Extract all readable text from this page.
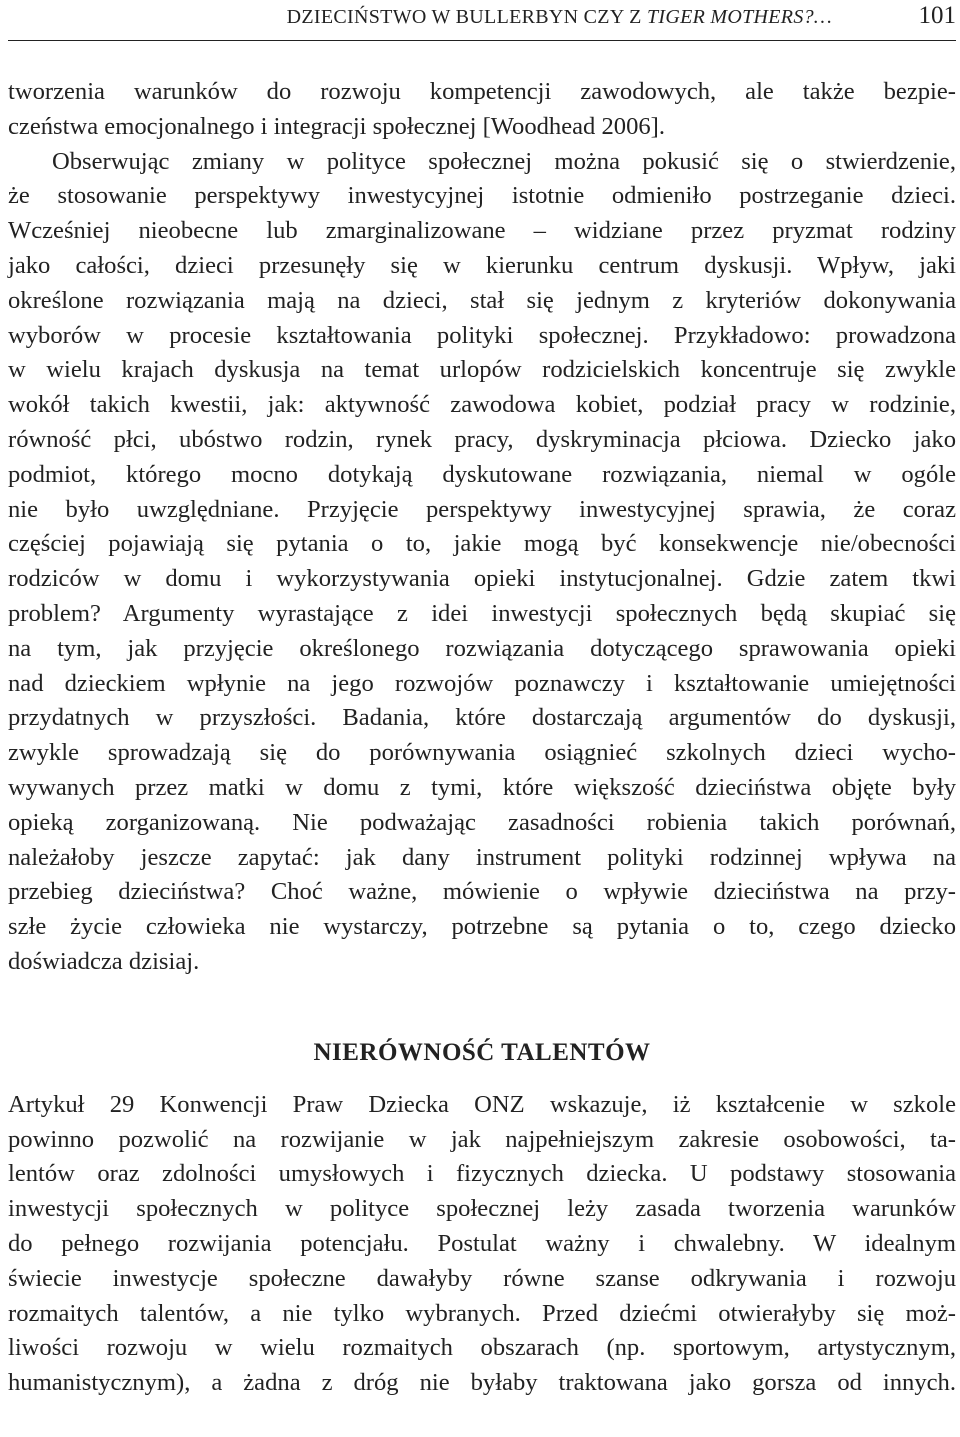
DZIECIŃSTWO W BULLERBYN CZY Z TIGER MOTHERS?…	101
tworzenia warunków do rozwoju kompetencji zawodowych, ale także bezpie-
czeństwa emocjonalnego i integracji społecznej [Woodhead 2006].
Obserwując zmiany w polityce społecznej można pokusić się o stwierdzenie,
że stosowanie perspektywy inwestycyjnej istotnie odmieniło postrzeganie dzieci.
Wcześniej nieobecne lub zmarginalizowane – widziane przez pryzmat rodziny
jako całości, dzieci przesunęły się w kierunku centrum dyskusji. Wpływ, jaki
określone rozwiązania mają na dzieci, stał się jednym z kryteriów dokonywania
wyborów w procesie kształtowania polityki społecznej. Przykładowo: prowadzona
w wielu krajach dyskusja na temat urlopów rodzicielskich koncentruje się zwykle
wokół takich kwestii, jak: aktywność zawodowa kobiet, podział pracy w rodzinie,
równość płci, ubóstwo rodzin, rynek pracy, dyskryminacja płciowa. Dziecko jako
podmiot, którego mocno dotykają dyskutowane rozwiązania, niemal w ogóle
nie było uwzględniane. Przyjęcie perspektywy inwestycyjnej sprawia, że coraz
częściej pojawiają się pytania o to, jakie mogą być konsekwencje nie/obecności
rodziców w domu i wykorzystywania opieki instytucjonalnej. Gdzie zatem tkwi
problem? Argumenty wyrastające z idei inwestycji społecznych będą skupiać się
na tym, jak przyjęcie określonego rozwiązania dotyczącego sprawowania opieki
nad dzieckiem wpłynie na jego rozwojów poznawczy i kształtowanie umiejętności
przydatnych w przyszłości. Badania, które dostarczają argumentów do dyskusji,
zwykle sprowadzają się do porównywania osiągnieć szkolnych dzieci wycho-
wywanych przez matki w domu z tymi, które większość dzieciństwa objęte były
opieką zorganizowaną. Nie podważając zasadności robienia takich porównań,
należałoby jeszcze zapytać: jak dany instrument polityki rodzinnej wpływa na
przebieg dzieciństwa? Choć ważne, mówienie o wpływie dzieciństwa na przy-
szłe życie człowieka nie wystarczy, potrzebne są pytania o to, czego dziecko
doświadcza dzisiaj.
NIERÓWNOŚĆ TALENTÓW
Artykuł 29 Konwencji Praw Dziecka ONZ wskazuje, iż kształcenie w szkole
powinno pozwolić na rozwijanie w jak najpełniejszym zakresie osobowości, ta-
lentów oraz zdolności umysłowych i fizycznych dziecka. U podstawy stosowania
inwestycji społecznych w polityce społecznej leży zasada tworzenia warunków
do pełnego rozwijania potencjału. Postulat ważny i chwalebny. W idealnym
świecie inwestycje społeczne dawałyby równe szanse odkrywania i rozwoju
rozmaitych talentów, a nie tylko wybranych. Przed dziećmi otwierałyby się moż-
liwości rozwoju w wielu rozmaitych obszarach (np. sportowym, artystycznym,
humanistycznym), a żadna z dróg nie byłaby traktowana jako gorsza od innych.
